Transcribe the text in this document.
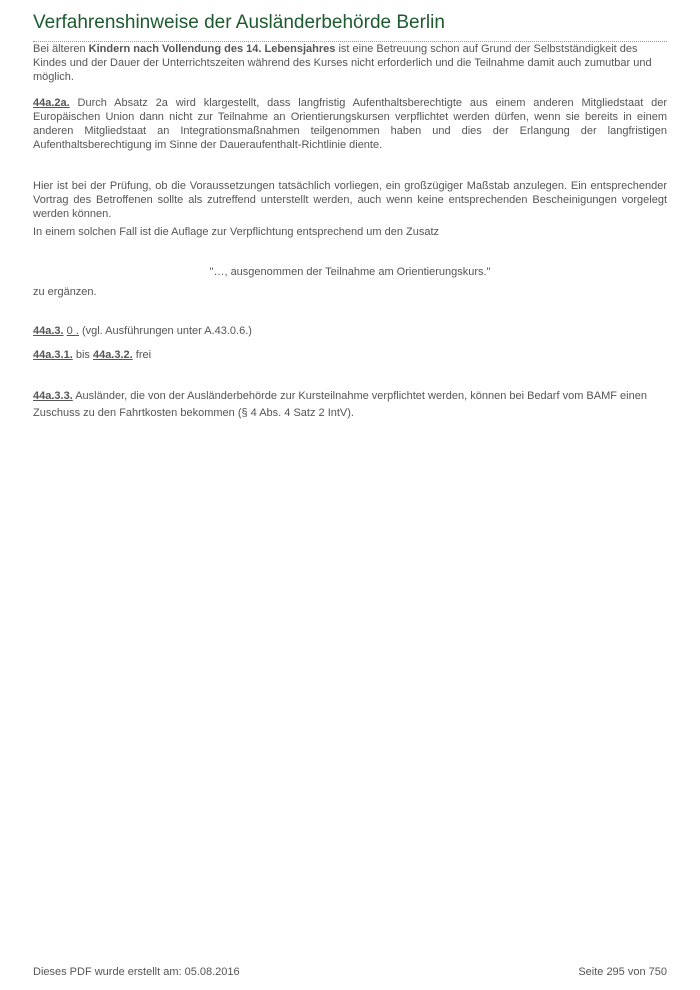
Verfahrenshinweise der Ausländerbehörde Berlin

Bei älteren Kindern nach Vollendung des 14. Lebensjahres ist eine Betreuung schon auf Grund der Selbstständigkeit des Kindes und der Dauer der Unterrichtszeiten während des Kurses nicht erforderlich und die Teilnahme damit auch zumutbar und möglich.

44a.2a. Durch Absatz 2a wird klargestellt, dass langfristig Aufenthaltsberechtigte aus einem anderen Mitgliedstaat der Europäischen Union dann nicht zur Teilnahme an Orientierungskursen verpflichtet werden dürfen, wenn sie bereits in einem anderen Mitgliedstaat an Integrationsmaßnahmen teilgenommen haben und dies der Erlangung der langfristigen Aufenthaltsberechtigung im Sinne der Daueraufenthalt-Richtlinie diente.

Hier ist bei der Prüfung, ob die Voraussetzungen tatsächlich vorliegen, ein großzügiger Maßstab anzulegen. Ein entsprechender Vortrag des Betroffenen sollte als zutreffend unterstellt werden, auch wenn keine entsprechenden Bescheinigungen vorgelegt werden können.

In einem solchen Fall ist die Auflage zur Verpflichtung entsprechend um den Zusatz

"…, ausgenommen der Teilnahme am Orientierungskurs."

zu ergänzen.

44a.3. 0 . (vgl. Ausführungen unter A.43.0.6.)

44a.3.1. bis 44a.3.2. frei

44a.3.3. Ausländer, die von der Ausländerbehörde zur Kursteilnahme verpflichtet werden, können bei Bedarf vom BAMF einen Zuschuss zu den Fahrtkosten bekommen (§ 4 Abs. 4 Satz 2 IntV).

Dieses PDF wurde erstellt am: 05.08.2016	Seite 295 von 750
